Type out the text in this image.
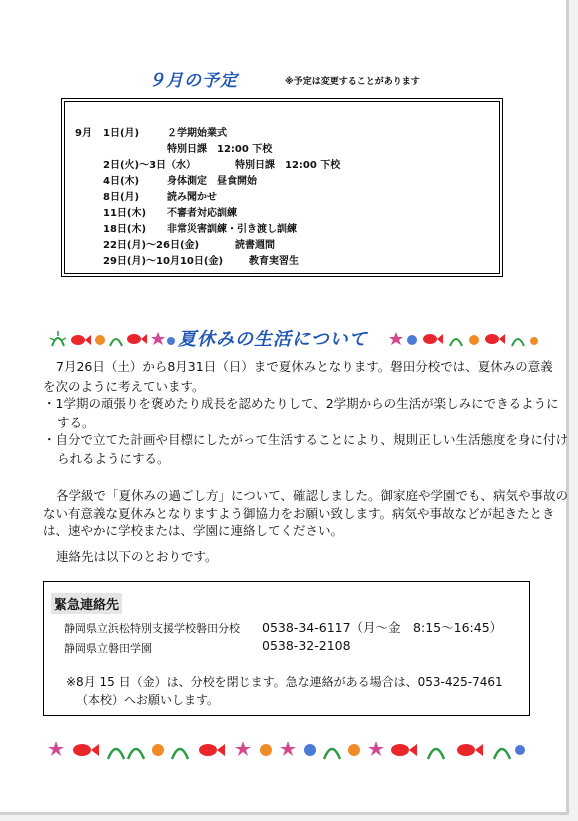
９月の予定	※予定は変更することがあります
9月 1日(月)	２学期始業式
特別日課　12:00 下校
2日(火)～3日（水）	特別日課　12:00 下校
4日(木)	身体測定　昼食開始
8日(月)	読み聞かせ
11日(木) 不審者対応訓練
18日(木) 非常災害訓練・引き渡し訓練
22日(月)～26日(金)	読書週間
29日(月)～10月10日(金)	教育実習生
夏休みの生活について
7月26日（土）から8月31日（日）まで夏休みとなります。磐田分校では、夏休みの意義
を次のように考えています。
・1学期の頑張りを褒めたり成長を認めたりして、2学期からの生活が楽しみにできるように
する。
・自分で立てた計画や目標にしたがって生活することにより、規則正しい生活態度を身に付け
られるようにする。
各学級で「夏休みの過ごし方」について、確認しました。御家庭や学園でも、病気や事故の
ない有意義な夏休みとなりますよう御協力をお願い致します。病気や事故などが起きたとき
は、速やかに学校または、学園に連絡してください。
連絡先は以下のとおりです。
緊急連絡先
静岡県立浜松特別支援学校磐田分校 0538-34-6117（月～金　8:15～16:45）
静岡県立磐田学園	0538-32-2108
※8月 15 日（金）は、分校を閉じます。急な連絡がある場合は、053-425-7461
（本校）へお願いします。
